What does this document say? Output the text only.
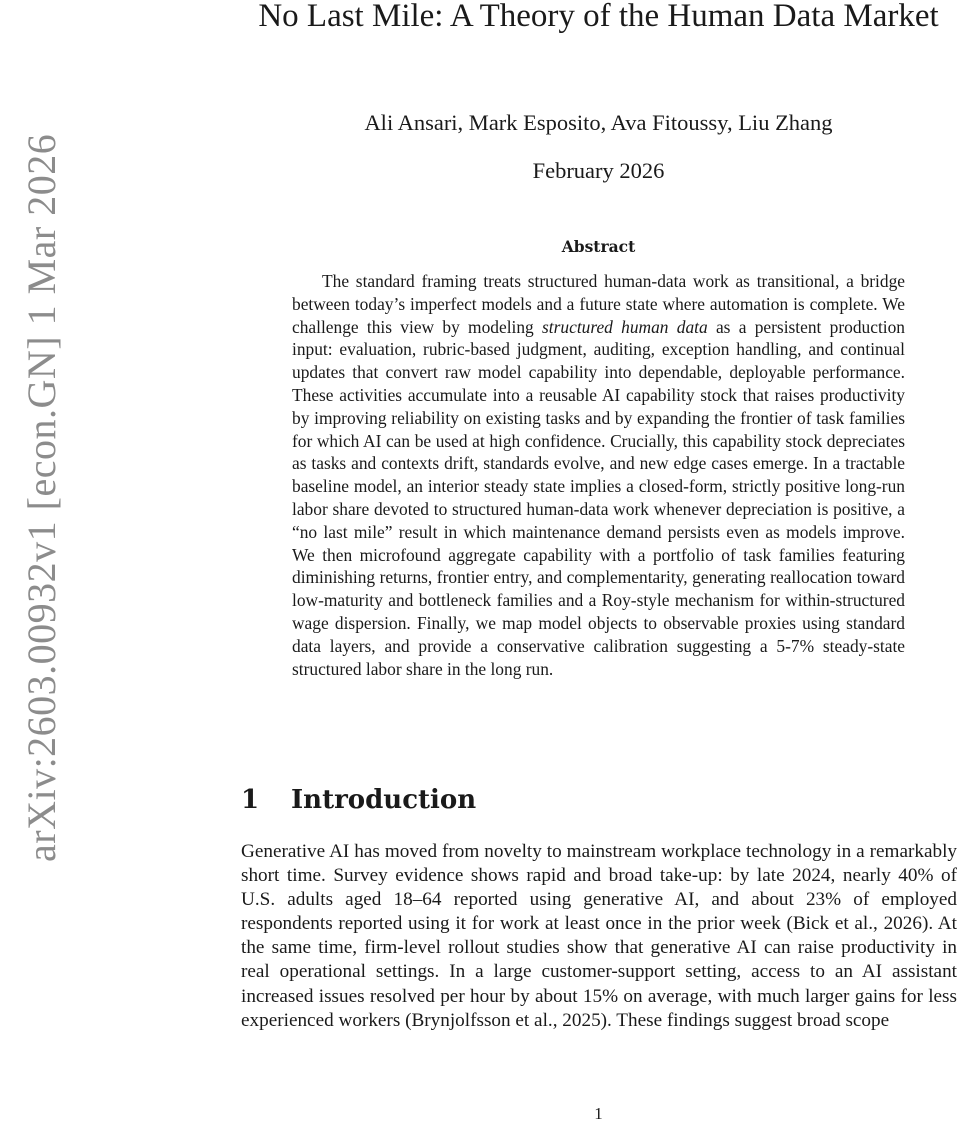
arXiv:2603.00932v1 [econ.GN] 1 Mar 2026
No Last Mile: A Theory of the Human Data Market

Ali Ansari, Mark Esposito, Ava Fitoussy, Liu Zhang

February 2026

Abstract

The standard framing treats structured human-data work as transitional, a bridge between today’s imperfect models and a future state where automation is complete. We challenge this view by modeling structured human data as a persistent production input: evaluation, rubric-based judgment, auditing, exception handling, and continual updates that convert raw model capability into dependable, deployable performance. These activities accumulate into a reusable AI capability stock that raises productivity by improving reliability on existing tasks and by expanding the frontier of task families for which AI can be used at high confidence. Crucially, this capability stock depreciates as tasks and contexts drift, standards evolve, and new edge cases emerge. In a tractable baseline model, an interior steady state implies a closed-form, strictly positive long-run labor share devoted to structured human-data work whenever depreciation is positive, a “no last mile” result in which maintenance demand persists even as models improve. We then microfound aggregate capability with a portfolio of task families featuring diminishing returns, frontier entry, and complementarity, generating reallocation toward low-maturity and bottleneck families and a Roy-style mechanism for within-structured wage dispersion. Finally, we map model objects to observable proxies using standard data layers, and provide a conservative calibration suggesting a 5-7% steady-state structured labor share in the long run.

1 Introduction

Generative AI has moved from novelty to mainstream workplace technology in a remarkably short time. Survey evidence shows rapid and broad take-up: by late 2024, nearly 40% of U.S. adults aged 18–64 reported using generative AI, and about 23% of employed respondents reported using it for work at least once in the prior week (Bick et al., 2026). At the same time, firm-level rollout studies show that generative AI can raise productivity in real operational settings. In a large customer-support setting, access to an AI assistant increased issues resolved per hour by about 15% on average, with much larger gains for less experienced workers (Brynjolfsson et al., 2025). These findings suggest broad scope

1
